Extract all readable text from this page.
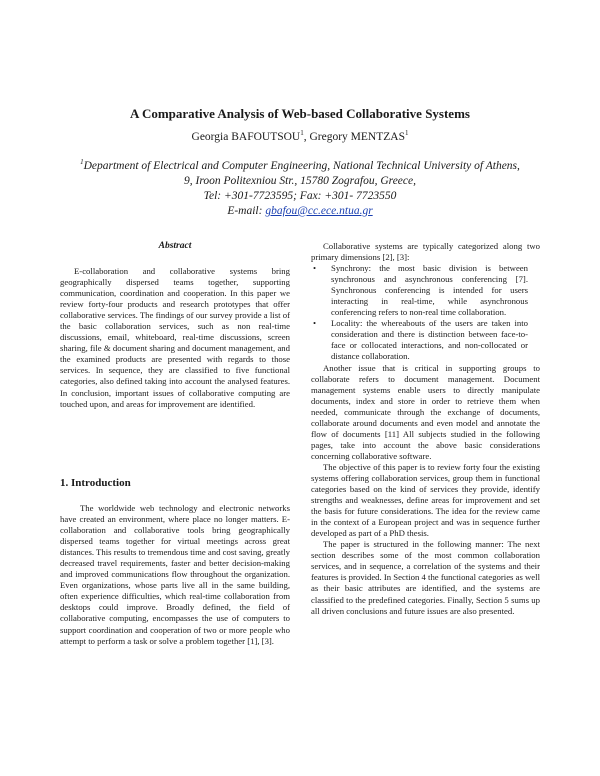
A Comparative Analysis of Web-based Collaborative Systems
Georgia BAFOUTSOU$^1$, Gregory MENTZAS$^1$
$^1$Department of Electrical and Computer Engineering, National Technical University of Athens,
9, Iroon Politexniou Str., 15780 Zografou, Greece,
Tel: +301-7723595; Fax: +301- 7723550
E-mail: gbafou@cc.ece.ntua.gr
Abstract
E-collaboration and collaborative systems bring geographically dispersed teams together, supporting communication, coordination and cooperation. In this paper we review forty-four products and research prototypes that offer collaborative services. The findings of our survey provide a list of the basic collaboration services, such as non real-time discussions, email, whiteboard, real-time discussions, screen sharing, file & document sharing and document management, and the examined products are presented with regards to those services. In sequence, they are classified to five functional categories, also defined taking into account the analysed features. In conclusion, important issues of collaborative computing are touched upon, and areas for improvement are identified.
1. Introduction
The worldwide web technology and electronic networks have created an environment, where place no longer matters. E-collaboration and collaborative tools bring geographically dispersed teams together for virtual meetings across great distances. This results to tremendous time and cost saving, greatly decreased travel requirements, faster and better decision-making and improved communications flow throughout the organization. Even organizations, whose parts live all in the same building, often experience difficulties, which real-time collaboration from desktops could improve. Broadly defined, the field of collaborative computing, encompasses the use of computers to support coordination and cooperation of two or more people who attempt to perform a task or solve a problem together [1], [3].

Collaborative systems are typically categorized along two primary dimensions [2], [3]:

• Synchrony: the most basic division is between synchronous and asynchronous conferencing [7]. Synchronous conferencing is intended for users interacting in real-time, while asynchronous conferencing refers to non-real time collaboration.
• Locality: the whereabouts of the users are taken into consideration and there is distinction between face-to-face or collocated interactions, and non-collocated or distance collaboration.

Another issue that is critical in supporting groups to collaborate refers to document management. Document management systems enable users to directly manipulate documents, index and store in order to retrieve them when needed, communicate through the exchange of documents, collaborate around documents and even model and annotate the flow of documents [11] All subjects studied in the following pages, take into account the above basic considerations concerning collaborative software.

The objective of this paper is to review forty four the existing systems offering collaboration services, group them in functional categories based on the kind of services they provide, identify strengths and weaknesses, define areas for improvement and set the basis for future considerations. The idea for the review came in the context of a European project and was in sequence further developed as part of a PhD thesis.

The paper is structured in the following manner: The next section describes some of the most common collaboration services, and in sequence, a correlation of the systems and their features is provided. In Section 4 the functional categories as well as their basic attributes are identified, and the systems are classified to the predefined categories. Finally, Section 5 sums up all driven conclusions and future issues are also presented.
